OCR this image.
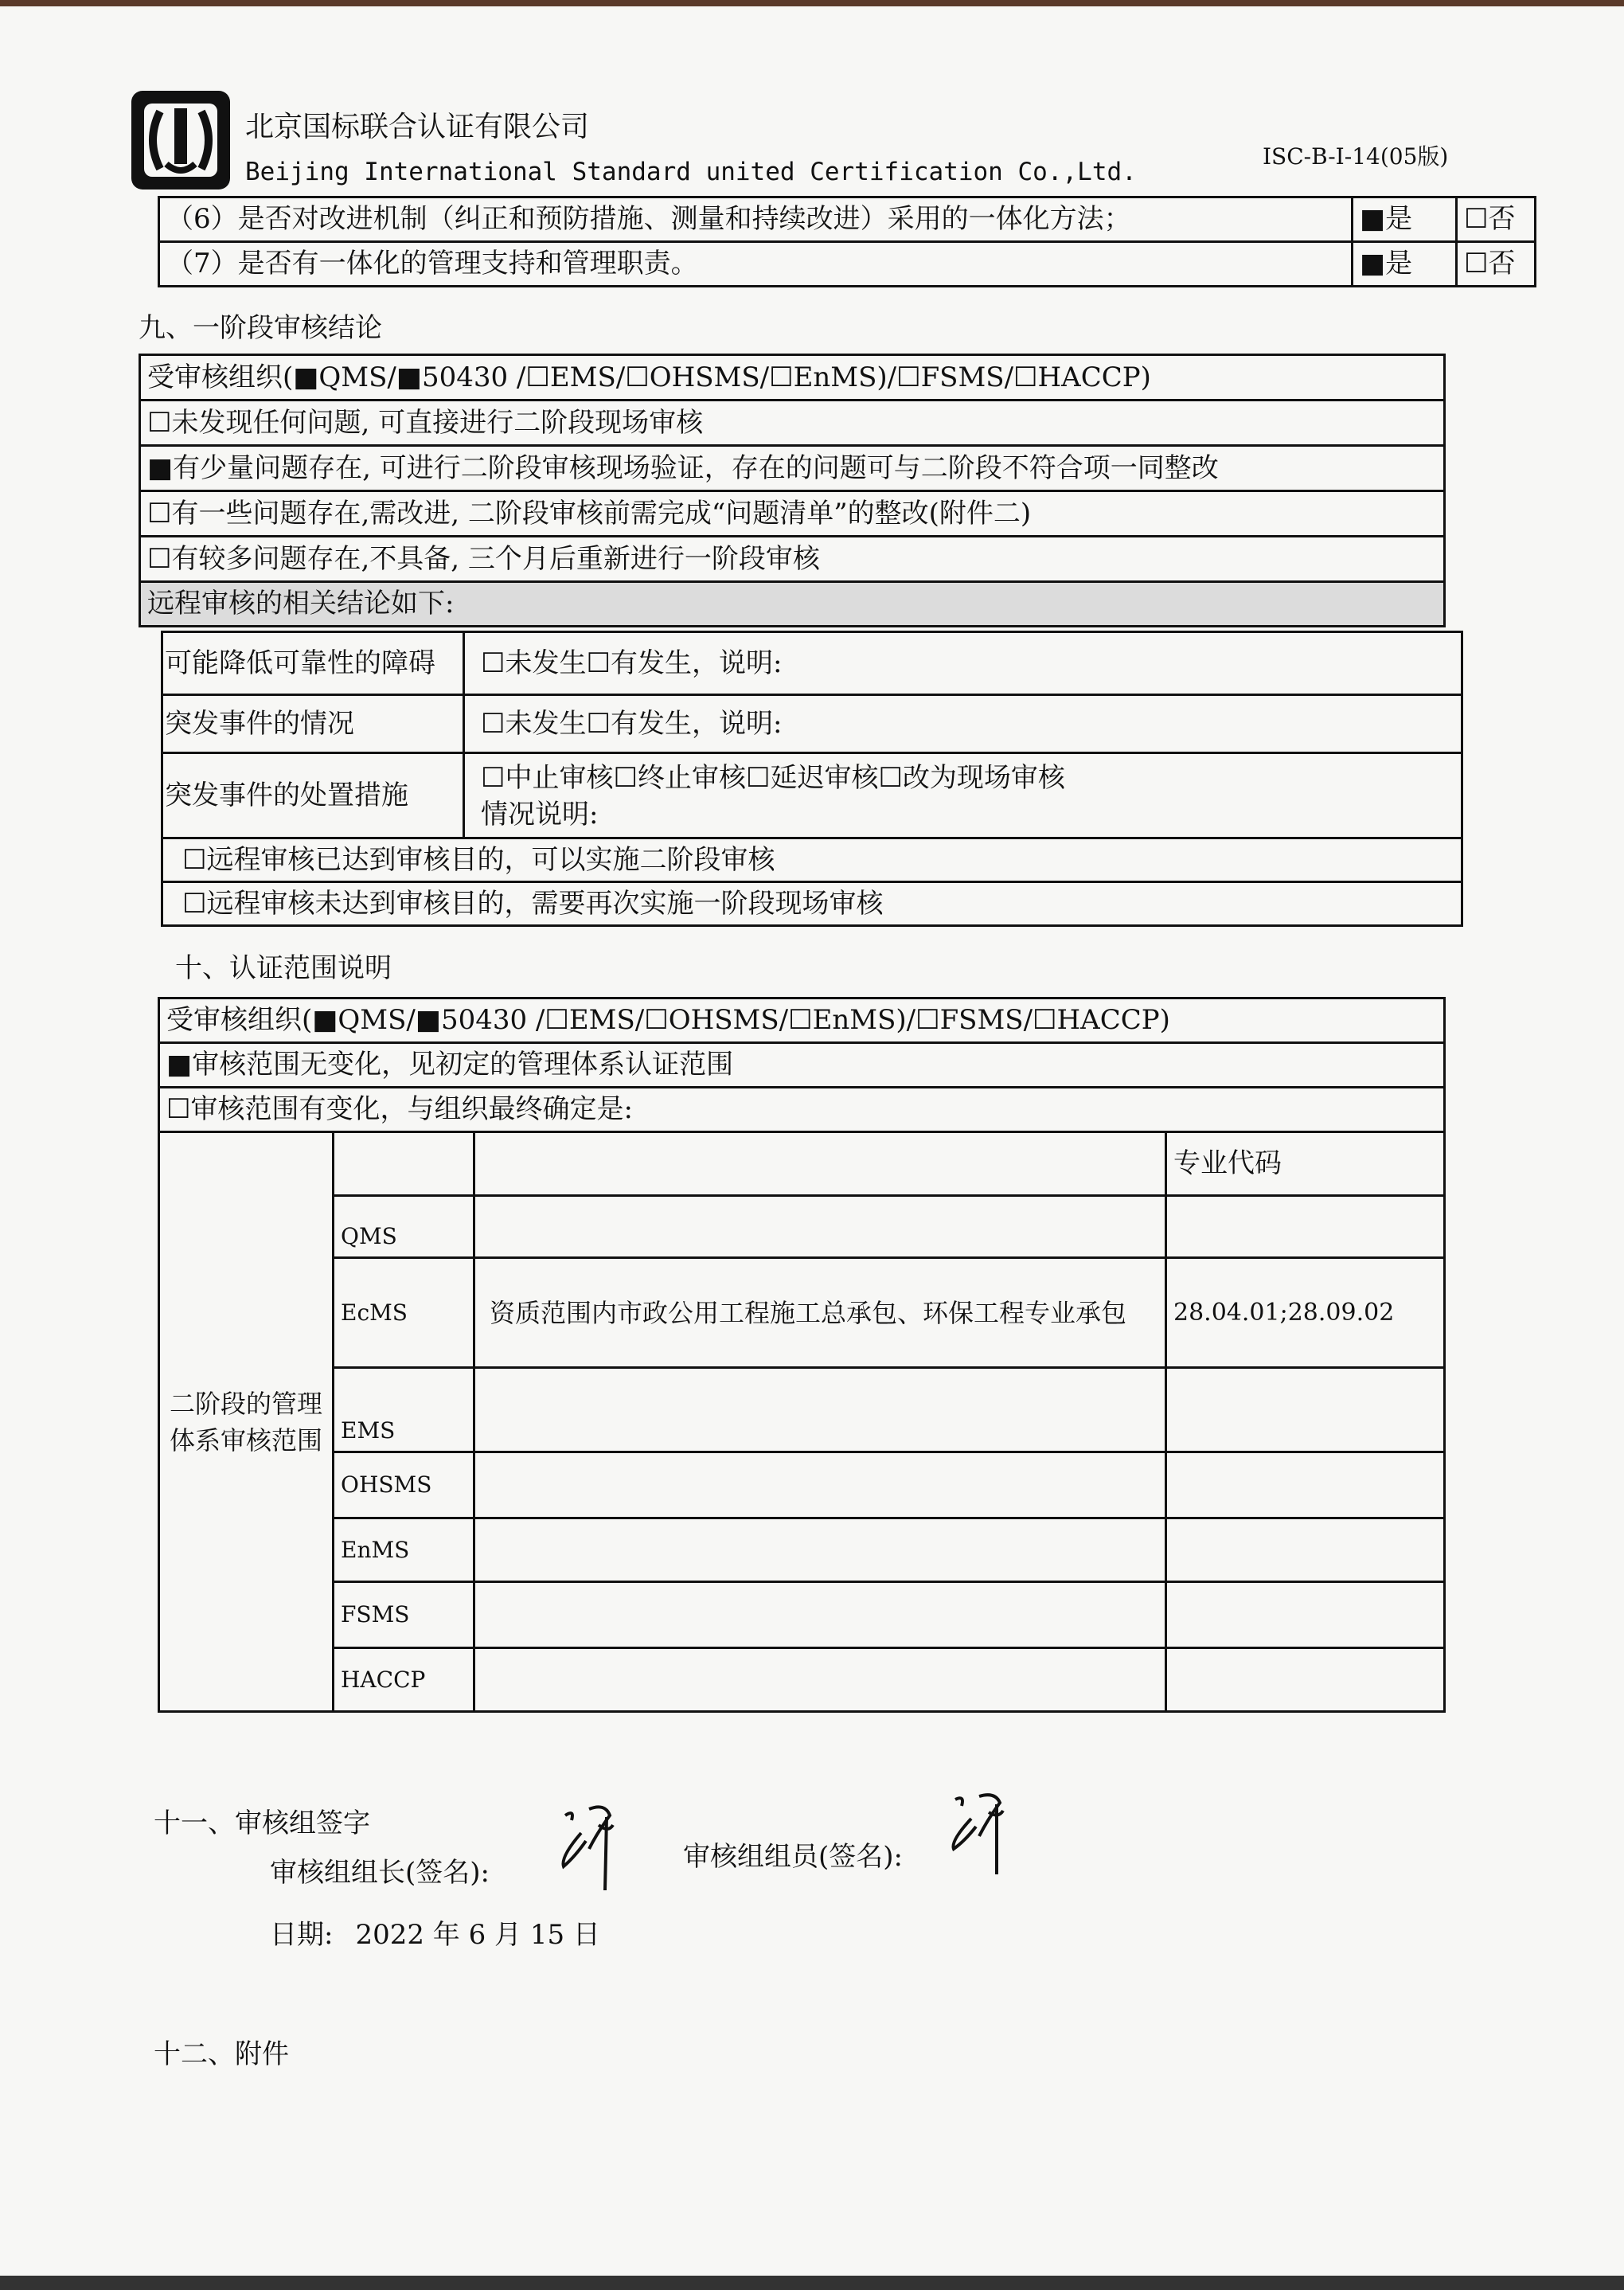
北京国标联合认证有限公司
Beijing International Standard united Certification Co.,Ltd.
ISC-B-I-14(05版)
（6）是否对改进机制（纠正和预防措施、测量和持续改进）采用的一体化方法；	■是	☐否
（7）是否有一体化的管理支持和管理职责。	■是	☐否
九、一阶段审核结论
受审核组织(■QMS/■50430 /☐EMS/☐OHSMS/☐EnMS)/☐FSMS/☐HACCP)
☐未发现任何问题, 可直接进行二阶段现场审核
■有少量问题存在, 可进行二阶段审核现场验证，存在的问题可与二阶段不符合项一同整改
☐有一些问题存在,需改进, 二阶段审核前需完成“问题清单”的整改(附件二)
☐有较多问题存在,不具备, 三个月后重新进行一阶段审核
远程审核的相关结论如下:
可能降低可靠性的障碍	☐未发生☐有发生，说明:
突发事件的情况	☐未发生☐有发生，说明:
突发事件的处置措施	☐中止审核☐终止审核☐延迟审核☐改为现场审核
情况说明:

☐远程审核已达到审核目的，可以实施二阶段审核	
☐远程审核未达到审核目的，需要再次实施一阶段现场审核	
十、认证范围说明
受审核组织(■QMS/■50430 /☐EMS/☐OHSMS/☐EnMS)/☐FSMS/☐HACCP)			
■审核范围无变化，见初定的管理体系认证范围			
☐审核范围有变化，与组织最终确定是:			
二阶段的管理体系审核范围			专业代码
	QMS		
	EcMS	资质范围内市政公用工程施工总承包、环保工程专业承包	28.04.01;28.09.02
	EMS		
	OHSMS		
	EnMS		
	FSMS		
	HACCP		
十一、审核组签字
审核组组长(签名):	审核组组员(签名):
日期: 2022 年 6 月 15 日
十二、附件
